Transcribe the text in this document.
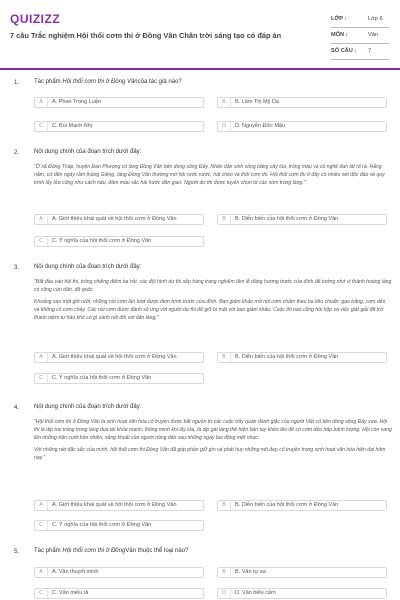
QUIZIZZ
7 câu Trắc nghiệm Hội thổi cơm thi ở Đồng Vân Chân trời sáng tạo có đáp án
LỚP :	Lớp 6
MÔN :	Văn
SỐ CÂU : 7
1. Tác phẩm Hội thổi cơm thi ở Đồng Vâncủa tác giả nào?
A	A. Phan Trọng Luận	B	B. Lâm Thị Mỹ Dạ
C	C. Bùi Mạnh Nhị	D	D. Nguyễn Đức Mậu
2. Nội dung chính của đoạn trích dưới đây:

"Ở xã Đồng Tháp, huyện Đan Phượng có làng Đồng Vân bên dòng sông Đáy. Nhân dân sinh sống bằng cấy lúa, trồng màu và có nghề đan lát rổ rá. Hằng năm, cứ đến ngày rằm tháng Giêng, làng Đồng Vân thường mở hội rước nước, hát chèo và thổi cơm thi. Hội thổi cơm thi ở đây có nhiều nét độc đáo về quy trình lấy lửa cũng như cách nấu, đảm màu sắc hài hước dân gian. Người dự thi được tuyển chọn từ các xóm trong làng."

A	A. Giới thiệu khái quát về hội thổi cơm ở Đồng Vân	B	B. Diễn biến của hội thổi cơm ở Đồng Vân
C	C. Ý nghĩa của hội thổi cơm ở Đồng Vân
3. Nội dung chính của đoạn trích dưới đây:

"Bắt đầu vào hội thi, trống chiêng điểm ba hồi, các đội hình dự thi xếp hàng trang nghiêm lấm lễ dâng hương trước cửa đình để tưởng nhớ vị thành hoàng làng có công cứu dân, độ quốc.

Khoảng sau một giờ rưỡi, những nồi cơm lần lượt được đem trình trước cửa đình. Ban giám khảo mở nồi cơm chấm theo ba tiêu chuẩn: gạo trắng, cơm dẻo và không có cơm cháy. Các nồi cơm được đánh số ứng với người dự thi để giữ bí mật với ban giám khảo. Cuộc thi nào cũng hồi hộp và việc giật giải đã trở thành niềm tự hào khó có gì sánh nổi đối với dân làng."

A	A. Giới thiệu khái quát về hội thổi cơm ở Đồng Vân	B	B. Diễn biến của hội thổi cơm ở Đồng Vân
C	C. Ý nghĩa của hội thổi cơm ở Đồng Vân
4. Nội dung chính của đoạn trích dưới đây:

"Hội thổi cơm thi ở Đồng Vân là sinh hoạt văn hóa cổ truyền được bắt nguồn từ các cuộc trẩy quân đánh giặc của người Việt cổ bên dòng sông Đáy xưa. Hội thi là dịp trai tráng trong làng đua tài khỏe mạnh, thông minh khi lấy lửa, là dịp gái làng thể hiện bàn tay khéo léo để có cơm dẻo hấp bánh lượng. Hội còn vang lên những trận cười hồn nhiên, sảng khoái của người nông dân sau những ngày lao động mệt nhọc.

Với những nét đặc sắc của mình, hội thổi cơm thi Đồng Vân đã góp phần giữ gìn và phát huy những nét đẹp cổ truyền trong sinh hoạt văn hóa hiện đại hôm nay."

A	A. Giới thiệu khái quát về hội thổi cơm ở Đồng Vân	B	B. Diễn biến của hội thổi cơm ở Đồng Vân
C	C. Ý nghĩa của hội thổi cơm ở Đồng Vân
5. Tác phẩm Hội thổi cơm thi ở ĐồngVân thuộc thể loại nào?
A	A. Văn thuyết minh	B	B. Văn tự sự
C	C. Văn miêu tả	D	D. Văn biểu cảm
